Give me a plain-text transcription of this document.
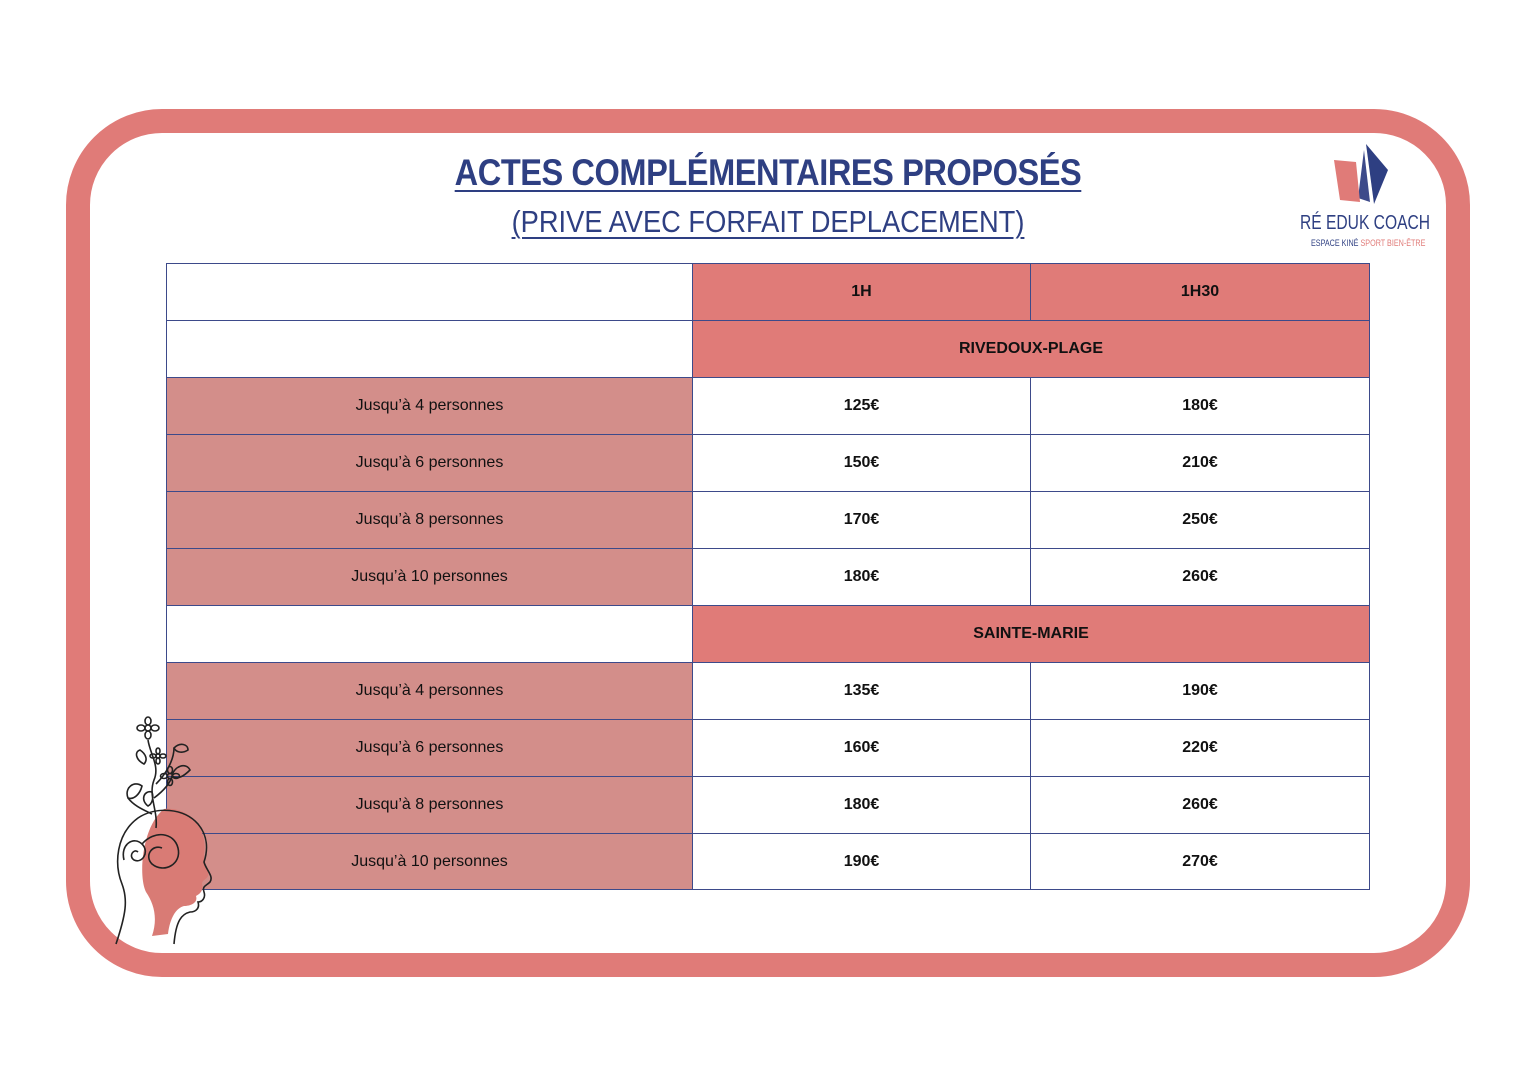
ACTES COMPLÉMENTAIRES PROPOSÉS
(PRIVE AVEC FORFAIT DEPLACEMENT)	RÉ EDUK COACH
ESPACE KINÉ SPORT BIEN-ÊTRE
1H	1H30
RIVEDOUX-PLAGE
Jusqu’à 4 personnes	125€	180€
Jusqu’à 6 personnes	150€	210€
Jusqu’à 8 personnes	170€	250€
Jusqu’à 10 personnes	180€	260€
SAINTE-MARIE
Jusqu’à 4 personnes	135€	190€
Jusqu’à 6 personnes	160€	220€
Jusqu’à 8 personnes	180€	260€
Jusqu’à 10 personnes	190€	270€
